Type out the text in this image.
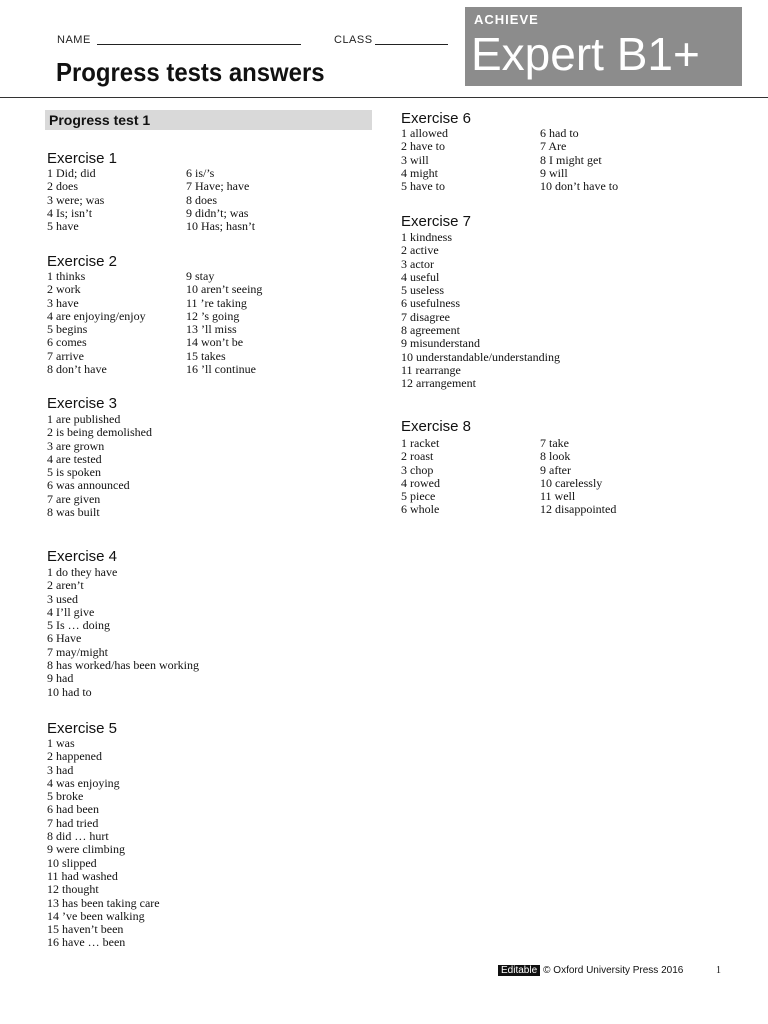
NAME	CLASS
Progress tests answers
ACHIEVE
Expert B1+
Progress test 1
Exercise 1
1 Did; did
2 does
3 were; was
4 Is; isn’t
5 have
6 is/’s
7 Have; have
8 does
9 didn’t; was
10 Has; hasn’t
Exercise 2
1 thinks
2 work
3 have
4 are enjoying/enjoy
5 begins
6 comes
7 arrive
8 don’t have
9 stay
10 aren’t seeing
11 ’re taking
12 ’s going
13 ’ll miss
14 won’t be
15 takes
16 ’ll continue
Exercise 3
1 are published
2 is being demolished
3 are grown
4 are tested
5 is spoken
6 was announced
7 are given
8 was built
Exercise 4
1 do they have
2 aren’t
3 used
4 I’ll give
5 Is … doing
6 Have
7 may/might
8 has worked/has been working
9 had
10 had to
Exercise 5
1 was
2 happened
3 had
4 was enjoying
5 broke
6 had been
7 had tried
8 did … hurt
9 were climbing
10 slipped
11 had washed
12 thought
13 has been taking care
14 ’ve been walking
15 haven’t been
16 have … been
Exercise 6
1 allowed
2 have to
3 will
4 might
5 have to
6 had to
7 Are
8 I might get
9 will
10 don’t have to
Exercise 7
1 kindness
2 active
3 actor
4 useful
5 useless
6 usefulness
7 disagree
8 agreement
9 misunderstand
10 understandable/understanding
11 rearrange
12 arrangement
Exercise 8
1 racket
2 roast
3 chop
4 rowed
5 piece
6 whole
7 take
8 look
9 after
10 carelessly
11 well
12 disappointed
Editable © Oxford University Press 2016	1
